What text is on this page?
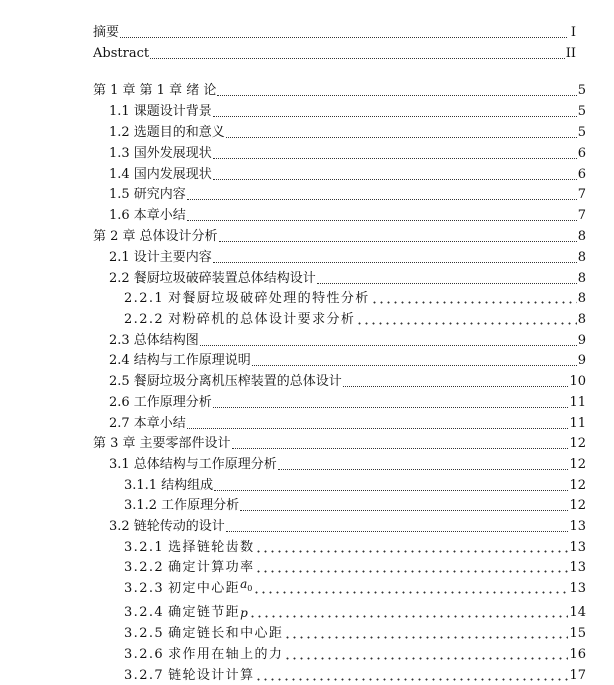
摘要	I
Abstract	II
第 1 章 第 1 章 绪 论	5
1.1 课题设计背景	5
1.2 选题目的和意义	5
1.3 国外发展现状	6
1.4 国内发展现状	6
1.5 研究内容	7
1.6 本章小结	7
第 2 章 总体设计分析	8
2.1 设计主要内容	8
2.2 餐厨垃圾破碎装置总体结构设计	8
2.2.1 对餐厨垃圾破碎处理的特性分析	8
2.2.2 对粉碎机的总体设计要求分析	8
2.3 总体结构图	9
2.4 结构与工作原理说明	9
2.5 餐厨垃圾分离机压榨装置的总体设计	10
2.6 工作原理分析	11
2.7 本章小结	11
第 3 章 主要零部件设计	12
3.1 总体结构与工作原理分析	12
3.1.1 结构组成	12
3.1.2 工作原理分析	12
3.2 链轮传动的设计	13
3.2.1 选择链轮齿数	13
3.2.2 确定计算功率	13
3.2.3 初定中心距 $a_0$	13
3.2.4 确定链节距 p	14
3.2.5 确定链长和中心距	15
3.2.6 求作用在轴上的力	16
3.2.7 链轮设计计算	17
